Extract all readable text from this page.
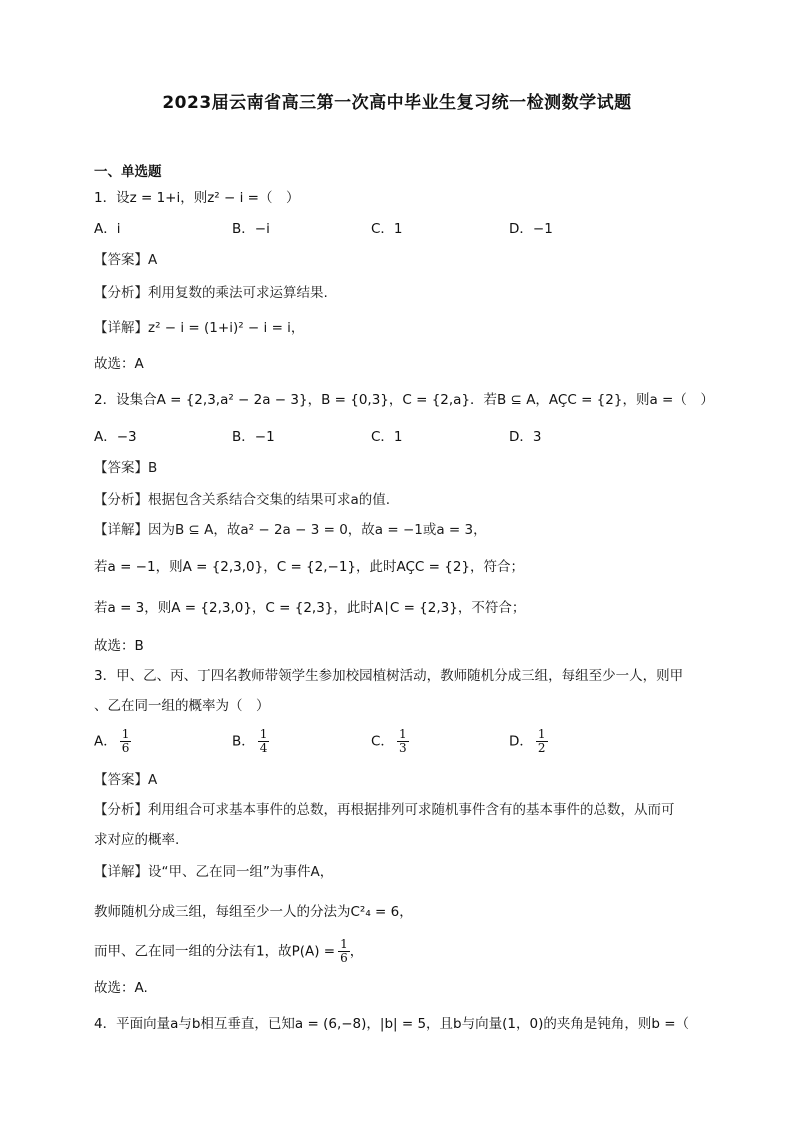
2023届云南省高三第一次高中毕业生复习统一检测数学试题
一、单选题
1．设z = 1+i，则z² − i =（　）
A．i	B．−i	C．1	D．−1
【答案】A
【分析】利用复数的乘法可求运算结果.
【详解】z² − i = (1+i)² − i = i，
故选：A
2．设集合A = {2,3,a² − 2a − 3}，B = {0,3}，C = {2,a}．若B ⊆ A，AÇC = {2}，则a =（　）
A．−3	B．−1	C．1	D．3
【答案】B
【分析】根据包含关系结合交集的结果可求a的值.
【详解】因为B ⊆ A，故a² − 2a − 3 = 0，故a = −1或a = 3，
若a = −1，则A = {2,3,0}，C = {2,−1}，此时AÇC = {2}，符合；
若a = 3，则A = {2,3,0}，C = {2,3}，此时A∣C = {2,3}，不符合；
故选：B
3．甲、乙、丙、丁四名教师带领学生参加校园植树活动，教师随机分成三组，每组至少一人，则甲
、乙在同一组的概率为（　）
A． $\frac{1}{6}$	B． $\frac{1}{4}$	C． $\frac{1}{3}$	D． $\frac{1}{2}$
【答案】A
【分析】利用组合可求基本事件的总数，再根据排列可求随机事件含有的基本事件的总数，从而可
求对应的概率.
【详解】设“甲、乙在同一组”为事件A，
教师随机分成三组，每组至少一人的分法为C²₄ = 6，
而甲、乙在同一组的分法有1，故$P(A) = \frac{1}{6}$ ，
故选：A.
4．平面向量a与b相互垂直，已知a = (6,−8)，|b| = 5，且b与向量(1，0)的夹角是钝角，则b =（
